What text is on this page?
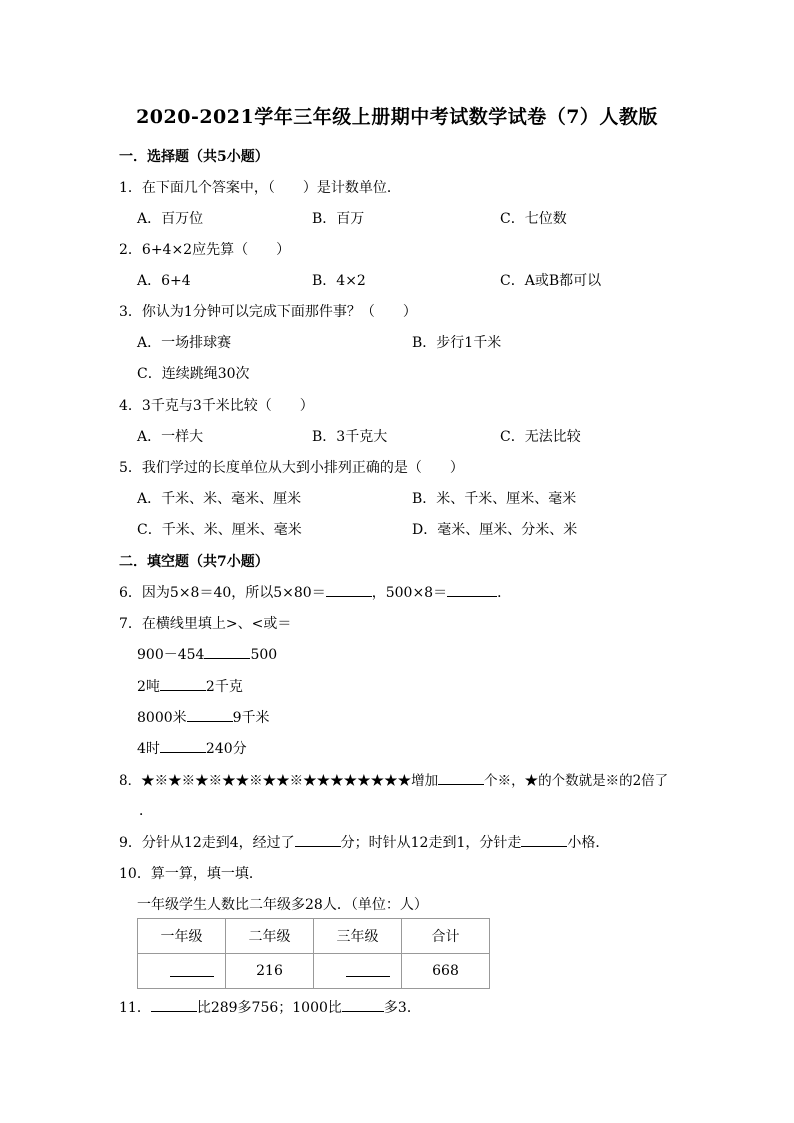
2020-2021学年三年级上册期中考试数学试卷（7）人教版
一．选择题（共5小题）
1．在下面几个答案中，（　　）是计数单位．
A．百万位	B．百万	C．七位数
2．6+4×2应先算（　　）
A．6+4	B．4×2	C．A或B都可以
3．你认为1分钟可以完成下面那件事？（　　）
A．一场排球赛	B．步行1千米
C．连续跳绳30次
4．3千克与3千米比较（　　）
A．一样大	B．3千克大	C．无法比较
5．我们学过的长度单位从大到小排列正确的是（　　）
A．千米、米、毫米、厘米	B．米、千米、厘米、毫米
C．千米、米、厘米、毫米	D．毫米、厘米、分米、米
二．填空题（共7小题）
6．因为5×8＝40，所以5×80＝	，500×8＝	．
7．在横线里填上>、<或＝
900－454	500
2吨	2千克
8000米	9千米
4时	240分
8．★※★※★※★★※★★※★★★★★★★★增加	个※，★的个数就是※的2倍了
．
9．分针从12走到4，经过了	分；时针从12走到1，分针走	小格．
10．算一算，填一填．
一年级学生人数比二年级多28人．（单位：人）
一年级	二年级	三年级	合计
	216		668
11．	比289多756；1000比	多3．
